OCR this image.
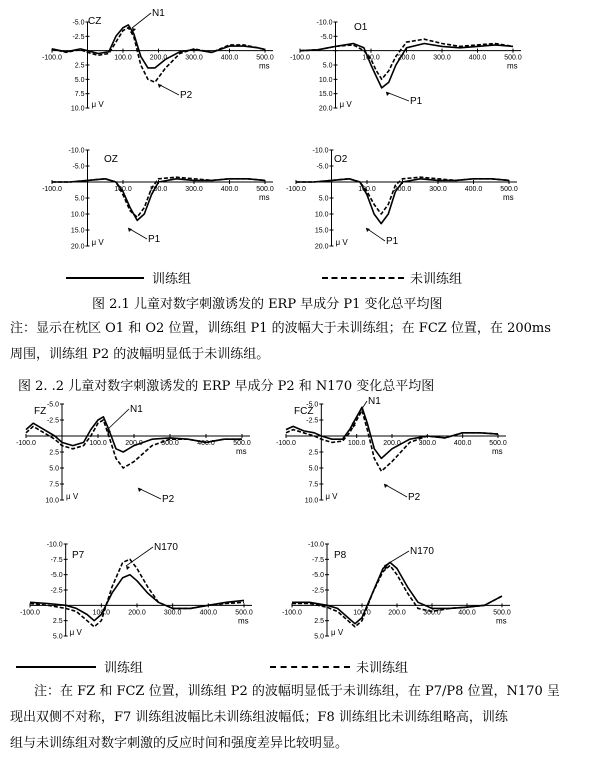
-5.0
-2.5
2.5
5.0
7.5
10.0
-100.0	100.0	200.0	300.0	400.0	500.0
ms
μ V
CZ
N1
P2
-10.0
-5.0
5.0
10.0
15.0
20.0
-100.0	100.0	200.0	300.0	400.0	500.0
ms
μ V
O1
P1
-10.0
-5.0
5.0
10.0
15.0
20.0
-100.0	100.0	200.0	300.0	400.0	500.0
ms
μ V
OZ
P1
-10.0
-5.0
5.0
10.0
15.0
20.0
-100.0	100.0	200.0	300.0	400.0	500.0
ms
μ V
O2
P1
训练组	未训练组
图 2.1 儿童对数字刺激诱发的 ERP 早成分 P1 变化总平均图
注：显示在枕区 O1 和 O2 位置，训练组 P1 的波幅大于未训练组；在 FCZ 位置，在 200ms
周围，训练组 P2 的波幅明显低于未训练组。
图 2. .2 儿童对数字刺激诱发的 ERP 早成分 P2 和 N170 变化总平均图
-5.0
-2.5
2.5
5.0
7.5
10.0
-100.0	100.0	200.0	300.0	400.0	500.0
ms
μ V
FZ	N1
P2
-5.0
-2.5
2.5
5.0
7.5
10.0
-100.0	100.0	200.0	300.0	400.0	500.0
ms
μ V
FCZ
N1
P2
-10.0
-7.5
-5.0
-2.5
2.5
5.0
-100.0	100.0	200.0	300.0	400.0	500.0
ms
μ V
P7
N170	-10.0
-7.5
-5.0
-2.5
2.5
5.0
-100.0	100.0 200.0 300.0 400.0 500.0
ms
μ V
P8	N170
训练组	未训练组
注：在 FZ 和 FCZ 位置，训练组 P2 的波幅明显低于未训练组，在 P7/P8 位置，N170 呈
现出双侧不对称，F7 训练组波幅比未训练组波幅低；F8 训练组比未训练组略高，训练
组与未训练组对数字刺激的反应时间和强度差异比较明显。
